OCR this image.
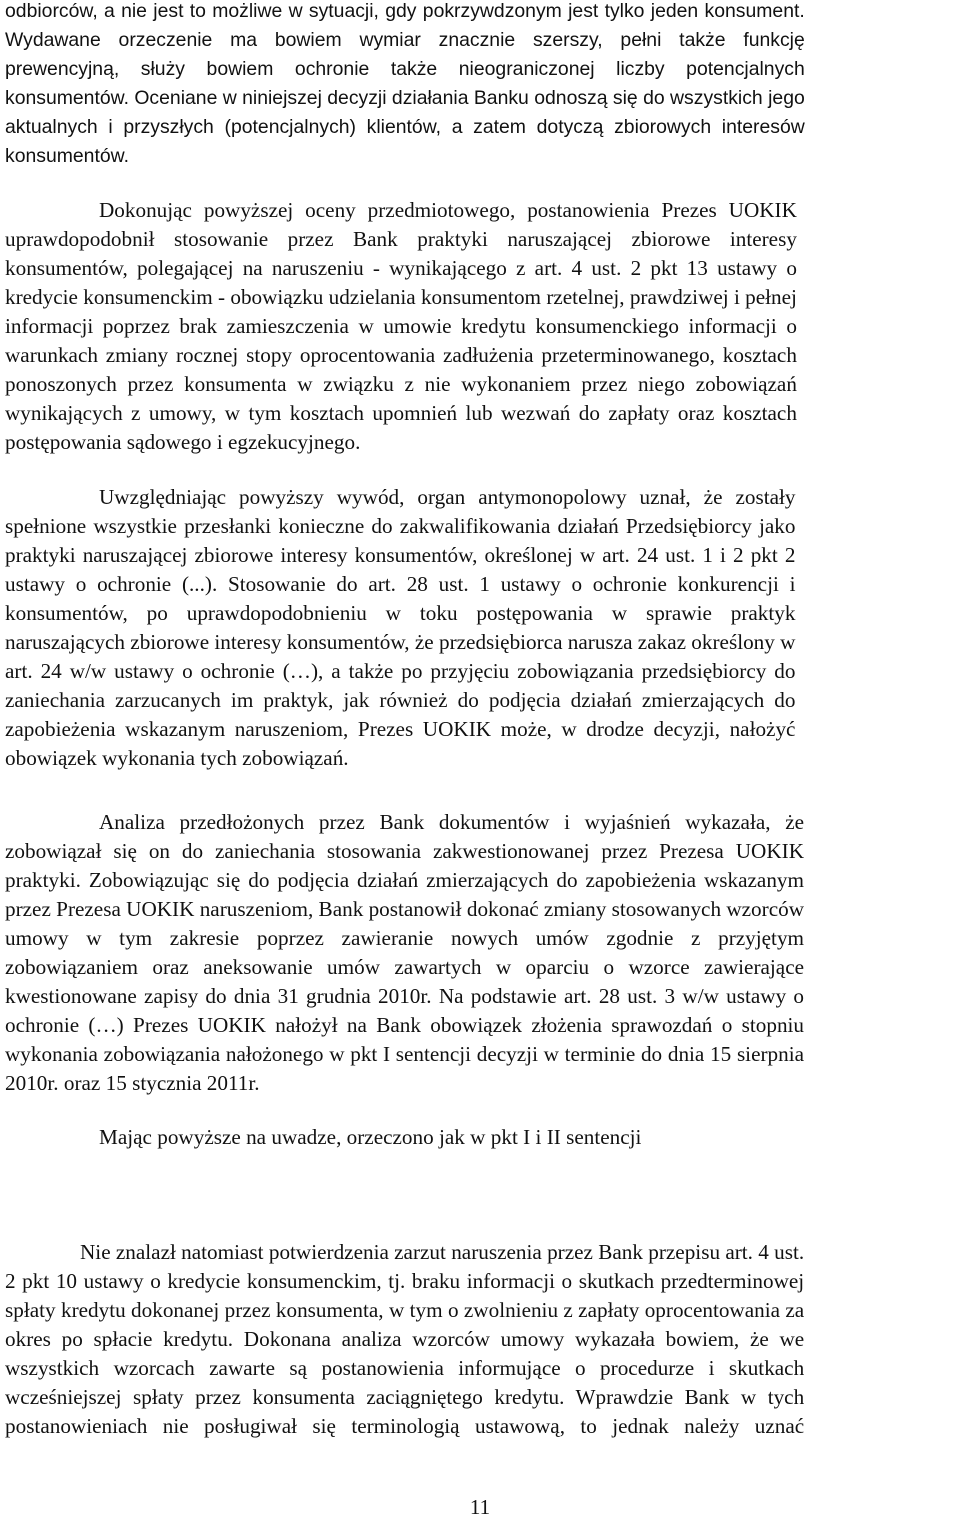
odbiorców, a nie jest to możliwe w sytuacji, gdy pokrzywdzonym jest tylko jeden konsument.
Wydawane orzeczenie ma bowiem wymiar znacznie szerszy, pełni także funkcję
prewencyjną, służy bowiem ochronie także nieograniczonej liczby potencjalnych
konsumentów. Oceniane w niniejszej decyzji działania Banku odnoszą się do wszystkich jego
aktualnych i przyszłych (potencjalnych) klientów, a zatem dotyczą zbiorowych interesów
konsumentów.

Dokonując powyższej oceny przedmiotowego, postanowienia Prezes UOKIK
uprawdopodobnił stosowanie przez Bank praktyki naruszającej zbiorowe interesy
konsumentów, polegającej na naruszeniu - wynikającego z art. 4 ust. 2 pkt 13 ustawy o
kredycie konsumenckim - obowiązku udzielania konsumentom rzetelnej, prawdziwej i pełnej
informacji poprzez brak zamieszczenia w umowie kredytu konsumenckiego informacji o
warunkach zmiany rocznej stopy oprocentowania zadłużenia przeterminowanego, kosztach
ponoszonych przez konsumenta w związku z nie wykonaniem przez niego zobowiązań
wynikających z umowy, w tym kosztach upomnień lub wezwań do zapłaty oraz kosztach
postępowania sądowego i egzekucyjnego.

Uwzględniając powyższy wywód, organ antymonopolowy uznał, że zostały
spełnione wszystkie przesłanki konieczne do zakwalifikowania działań Przedsiębiorcy jako
praktyki naruszającej zbiorowe interesy konsumentów, określonej w art. 24 ust. 1 i 2 pkt 2
ustawy o ochronie (...). Stosowanie do art. 28 ust. 1 ustawy o ochronie konkurencji i
konsumentów, po uprawdopodobnieniu w toku postępowania w sprawie praktyk
naruszających zbiorowe interesy konsumentów, że przedsiębiorca narusza zakaz określony w
art. 24 w/w ustawy o ochronie (…), a także po przyjęciu zobowiązania przedsiębiorcy do
zaniechania zarzucanych im praktyk, jak również do podjęcia działań zmierzających do
zapobieżenia wskazanym naruszeniom, Prezes UOKIK może, w drodze decyzji, nałożyć
obowiązek wykonania tych zobowiązań.

Analiza przedłożonych przez Bank dokumentów i wyjaśnień wykazała, że
zobowiązał się on do zaniechania stosowania zakwestionowanej przez Prezesa UOKIK
praktyki. Zobowiązując się do podjęcia działań zmierzających do zapobieżenia wskazanym
przez Prezesa UOKIK naruszeniom, Bank postanowił dokonać zmiany stosowanych wzorców
umowy w tym zakresie poprzez zawieranie nowych umów zgodnie z przyjętym
zobowiązaniem oraz aneksowanie umów zawartych w oparciu o wzorce zawierające
kwestionowane zapisy do dnia 31 grudnia 2010r. Na podstawie art. 28 ust. 3 w/w ustawy o
ochronie (…) Prezes UOKIK nałożył na Bank obowiązek złożenia sprawozdań o stopniu
wykonania zobowiązania nałożonego w pkt I sentencji decyzji w terminie do dnia 15 sierpnia
2010r. oraz 15 stycznia 2011r.

Mając powyższe na uwadze, orzeczono jak w pkt I i II sentencji

Nie znalazł natomiast potwierdzenia zarzut naruszenia przez Bank przepisu art. 4 ust.
2 pkt 10 ustawy o kredycie konsumenckim, tj. braku informacji o skutkach przedterminowej
spłaty kredytu dokonanej przez konsumenta, w tym o zwolnieniu z zapłaty oprocentowania za
okres po spłacie kredytu. Dokonana analiza wzorców umowy wykazała bowiem, że we
wszystkich wzorcach zawarte są postanowienia informujące o procedurze i skutkach
wcześniejszej spłaty przez konsumenta zaciągniętego kredytu. Wprawdzie Bank w tych
postanowieniach nie posługiwał się terminologią ustawową, to jednak należy uznać

11
